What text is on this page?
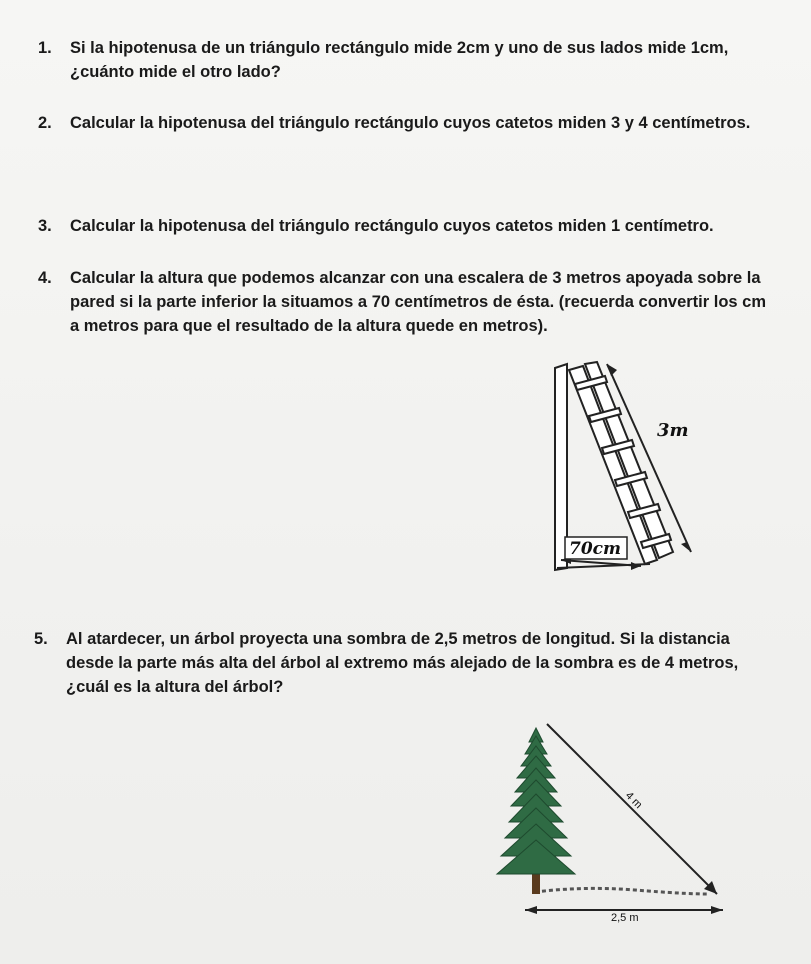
1. Si la hipotenusa de un triángulo rectángulo mide 2cm y uno de sus lados mide 1cm, ¿cuánto mide el otro lado?
2. Calcular la hipotenusa del triángulo rectángulo cuyos catetos miden 3 y 4 centímetros.
3. Calcular la hipotenusa del triángulo rectángulo cuyos catetos miden 1 centímetro.
4. Calcular la altura que podemos alcanzar con una escalera de 3 metros apoyada sobre la pared si la parte inferior la situamos a 70 centímetros de ésta. (recuerda convertir los cm a metros para que el resultado de la altura quede en metros).
70cm
3m
5. Al atardecer, un árbol proyecta una sombra de 2,5 metros de longitud. Si la distancia desde la parte más alta del árbol al extremo más alejado de la sombra es de 4 metros, ¿cuál es la altura del árbol?
4 m
2,5 m
